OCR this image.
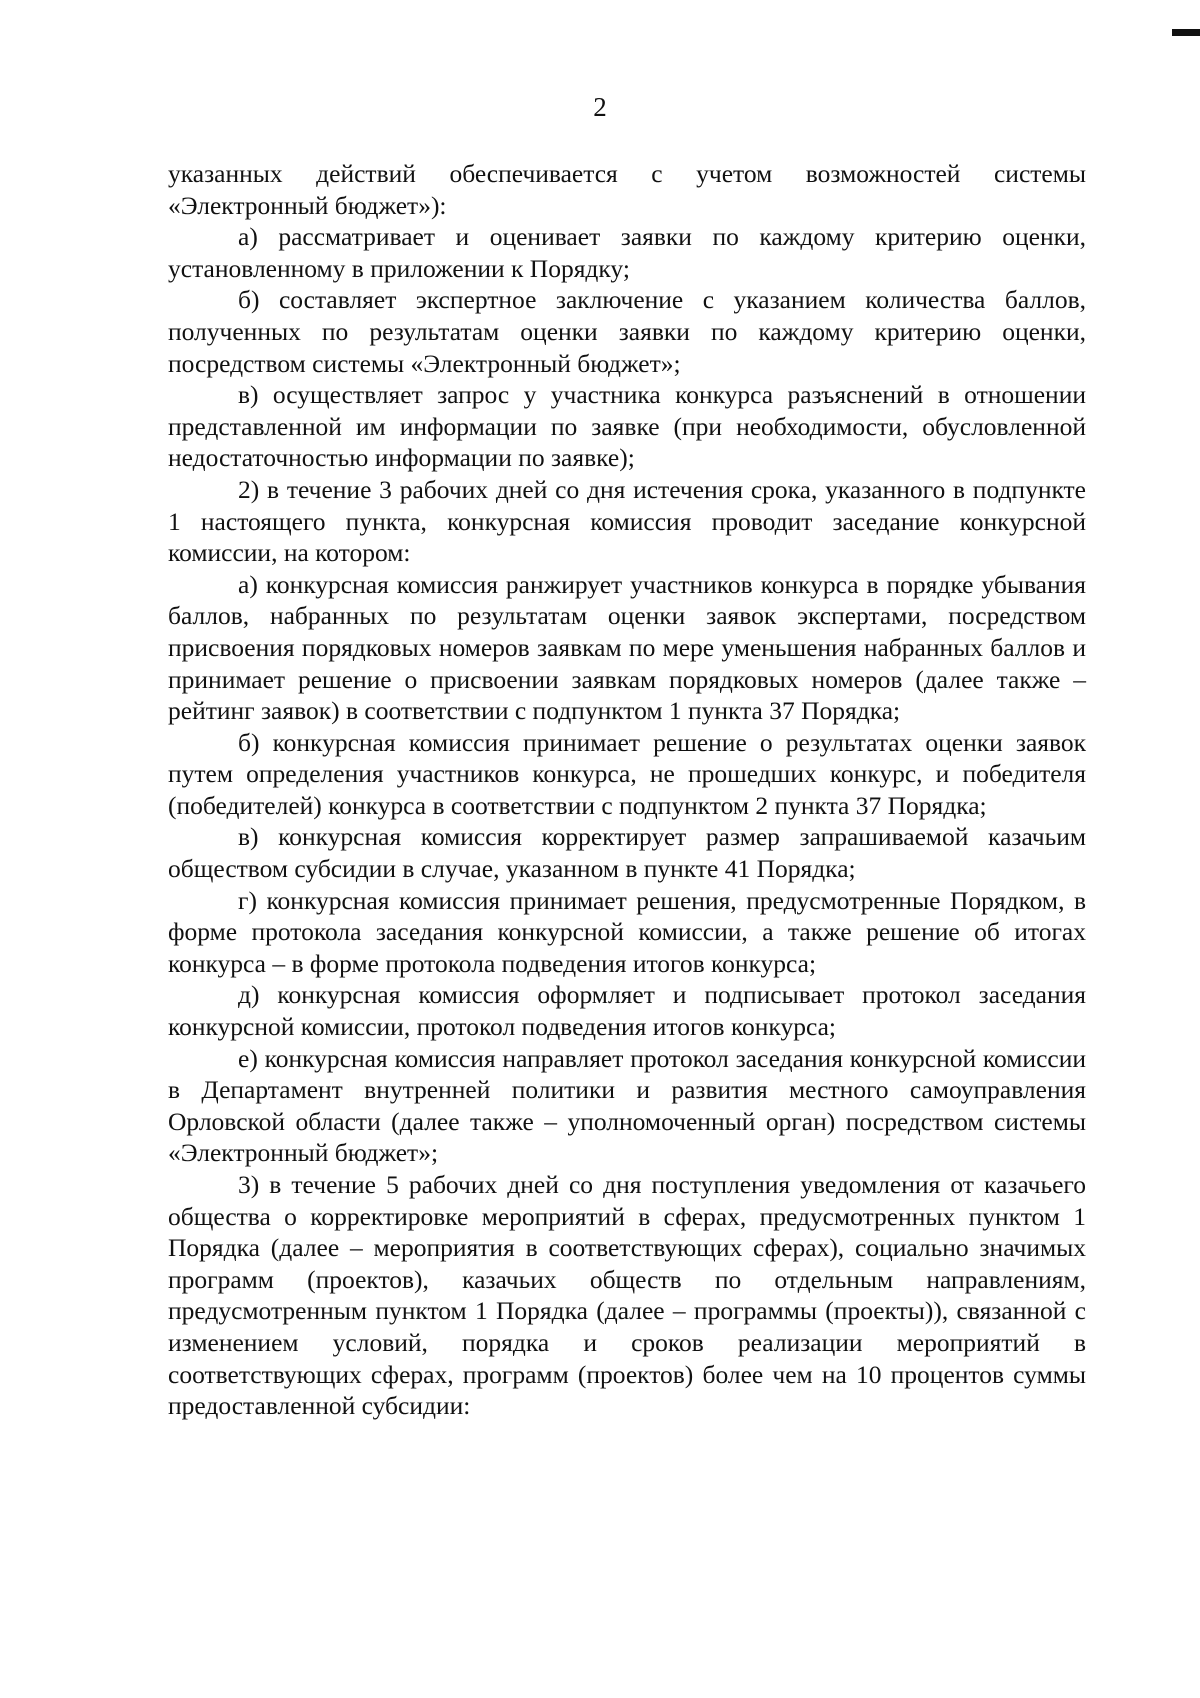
2

указанных действий обеспечивается с учетом возможностей системы «Электронный бюджет»):

а) рассматривает и оценивает заявки по каждому критерию оценки, установленному в приложении к Порядку;

б) составляет экспертное заключение с указанием количества баллов, полученных по результатам оценки заявки по каждому критерию оценки, посредством системы «Электронный бюджет»;

в) осуществляет запрос у участника конкурса разъяснений в отношении представленной им информации по заявке (при необходимости, обусловленной недостаточностью информации по заявке);

2) в течение 3 рабочих дней со дня истечения срока, указанного в подпункте 1 настоящего пункта, конкурсная комиссия проводит заседание конкурсной комиссии, на котором:

а) конкурсная комиссия ранжирует участников конкурса в порядке убывания баллов, набранных по результатам оценки заявок экспертами, посредством присвоения порядковых номеров заявкам по мере уменьшения набранных баллов и принимает решение о присвоении заявкам порядковых номеров (далее также – рейтинг заявок) в соответствии с подпунктом 1 пункта 37 Порядка;

б) конкурсная комиссия принимает решение о результатах оценки заявок путем определения участников конкурса, не прошедших конкурс, и победителя (победителей) конкурса в соответствии с подпунктом 2 пункта 37 Порядка;

в) конкурсная комиссия корректирует размер запрашиваемой казачьим обществом субсидии в случае, указанном в пункте 41 Порядка;

г) конкурсная комиссия принимает решения, предусмотренные Порядком, в форме протокола заседания конкурсной комиссии, а также решение об итогах конкурса – в форме протокола подведения итогов конкурса;

д) конкурсная комиссия оформляет и подписывает протокол заседания конкурсной комиссии, протокол подведения итогов конкурса;

е) конкурсная комиссия направляет протокол заседания конкурсной комиссии в Департамент внутренней политики и развития местного самоуправления Орловской области (далее также – уполномоченный орган) посредством системы «Электронный бюджет»;

3) в течение 5 рабочих дней со дня поступления уведомления от казачьего общества о корректировке мероприятий в сферах, предусмотренных пунктом 1 Порядка (далее – мероприятия в соответствующих сферах), социально значимых программ (проектов), казачьих обществ по отдельным направлениям, предусмотренным пунктом 1 Порядка (далее – программы (проекты)), связанной с изменением условий, порядка и сроков реализации мероприятий в соответствующих сферах, программ (проектов) более чем на 10 процентов суммы предоставленной субсидии:
